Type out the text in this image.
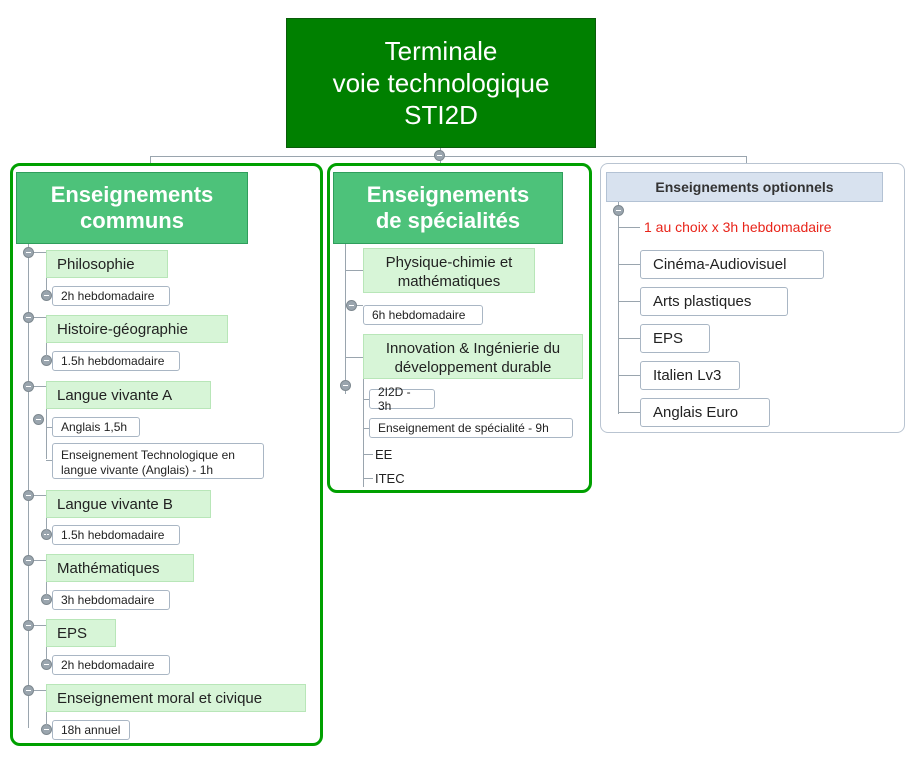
Terminale
voie technologique
STI2D
Enseignements
communs
Philosophie
2h hebdomadaire
Histoire-géographie
1.5h hebdomadaire
Langue vivante A
Anglais 1,5h
Enseignement Technologique en langue vivante (Anglais) - 1h
Langue vivante B
1.5h hebdomadaire
Mathématiques
3h hebdomadaire
EPS
2h hebdomadaire
Enseignement moral et civique
18h annuel
Enseignements
de spécialités
Physique-chimie et
mathématiques
6h hebdomadaire
Innovation & Ingénierie du
développement durable
2I2D - 3h
Enseignement de spécialité - 9h
EE
ITEC
Enseignements optionnels
1 au choix x 3h hebdomadaire
Cinéma-Audiovisuel
Arts plastiques
EPS
Italien Lv3
Anglais Euro
